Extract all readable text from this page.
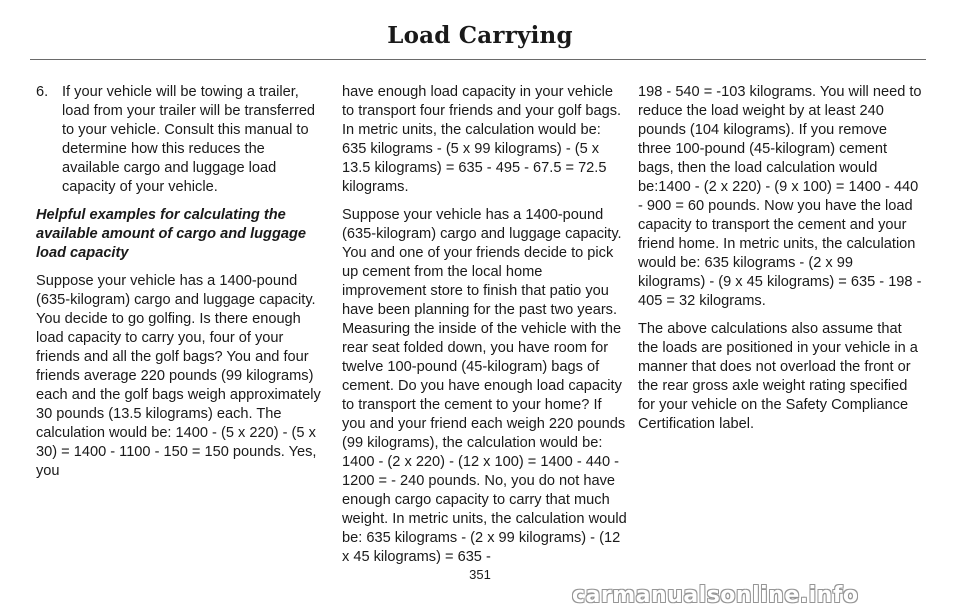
Load Carrying
6. If your vehicle will be towing a trailer, load from your trailer will be transferred to your vehicle. Consult this manual to determine how this reduces the available cargo and luggage load capacity of your vehicle.

Helpful examples for calculating the available amount of cargo and luggage load capacity

Suppose your vehicle has a 1400-pound (635-kilogram) cargo and luggage capacity. You decide to go golfing. Is there enough load capacity to carry you, four of your friends and all the golf bags? You and four friends average 220 pounds (99 kilograms) each and the golf bags weigh approximately 30 pounds (13.5 kilograms) each. The calculation would be: 1400 - (5 x 220) - (5 x 30) = 1400 - 1100 - 150 = 150 pounds. Yes, you

have enough load capacity in your vehicle to transport four friends and your golf bags. In metric units, the calculation would be: 635 kilograms - (5 x 99 kilograms) - (5 x 13.5 kilograms) = 635 - 495 - 67.5 = 72.5 kilograms.

Suppose your vehicle has a 1400-pound (635-kilogram) cargo and luggage capacity. You and one of your friends decide to pick up cement from the local home improvement store to finish that patio you have been planning for the past two years. Measuring the inside of the vehicle with the rear seat folded down, you have room for twelve 100-pound (45-kilogram) bags of cement. Do you have enough load capacity to transport the cement to your home? If you and your friend each weigh 220 pounds (99 kilograms), the calculation would be: 1400 - (2 x 220) - (12 x 100) = 1400 - 440 - 1200 = - 240 pounds. No, you do not have enough cargo capacity to carry that much weight. In metric units, the calculation would be: 635 kilograms - (2 x 99 kilograms) - (12 x 45 kilograms) = 635 -

198 - 540 = -103 kilograms. You will need to reduce the load weight by at least 240 pounds (104 kilograms). If you remove three 100-pound (45-kilogram) cement bags, then the load calculation would be:1400 - (2 x 220) - (9 x 100) = 1400 - 440 - 900 = 60 pounds. Now you have the load capacity to transport the cement and your friend home. In metric units, the calculation would be: 635 kilograms - (2 x 99 kilograms) - (9 x 45 kilograms) = 635 - 198 - 405 = 32 kilograms.

The above calculations also assume that the loads are positioned in your vehicle in a manner that does not overload the front or the rear gross axle weight rating specified for your vehicle on the Safety Compliance Certification label.

351
carmanualsonline.info
